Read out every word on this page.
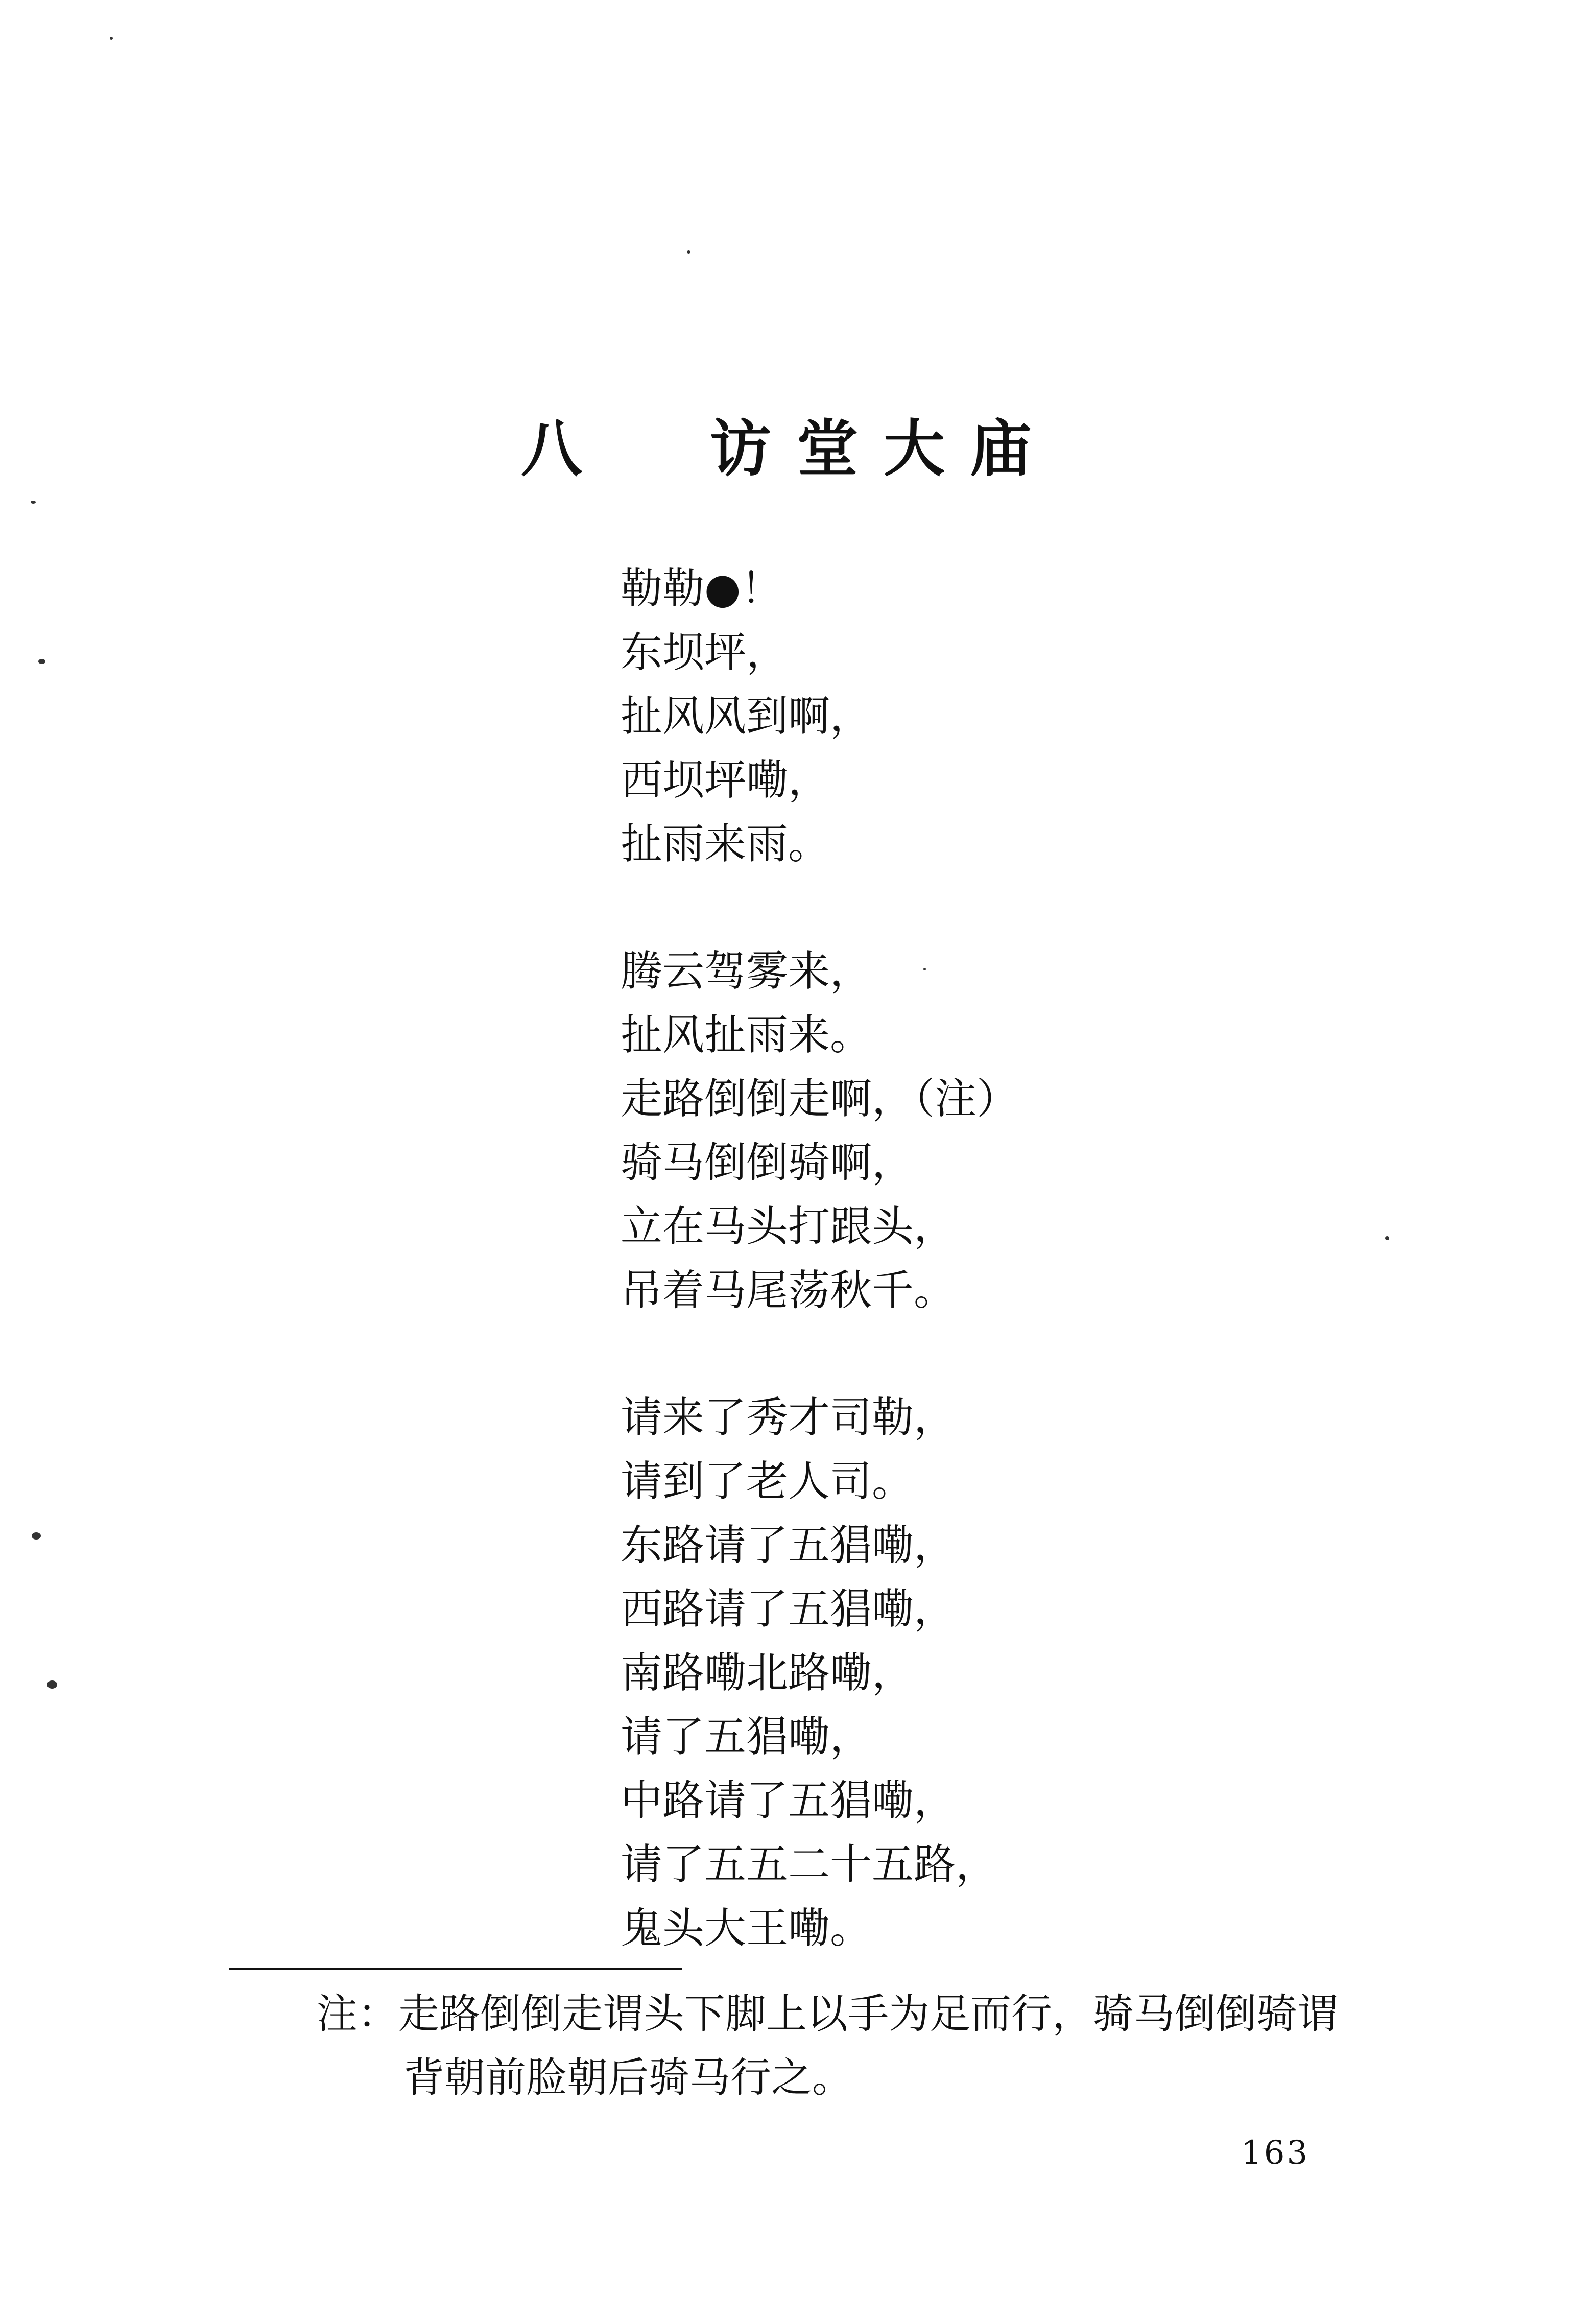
八 访堂大庙
勒勒●！
东坝坪，
扯风风到啊，
西坝坪嘞，
扯雨来雨。
腾云驾雾来，
扯风扯雨来。
走路倒倒走啊，（注）
骑马倒倒骑啊，
立在马头打跟头，
吊着马尾荡秋千。
请来了秀才司勒，
请到了老人司。
东路请了五猖嘞，
西路请了五猖嘞，
南路嘞北路嘞，
请了五猖嘞，
中路请了五猖嘞，
请了五五二十五路，
鬼头大王嘞。
注：走路倒倒走谓头下脚上以手为足而行，骑马倒倒骑谓
背朝前脸朝后骑马行之。
163
